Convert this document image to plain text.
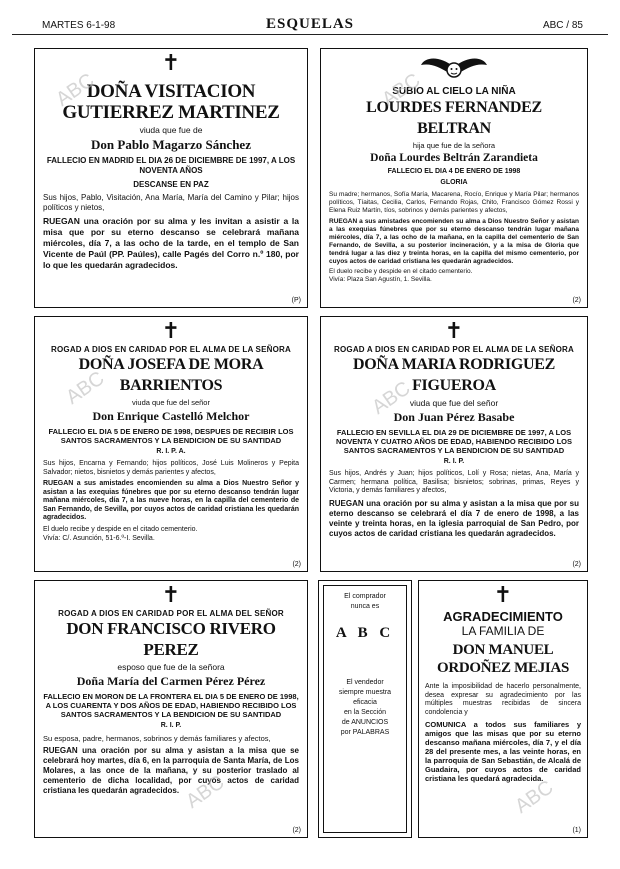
MARTES 6-1-98	ESQUELAS	ABC / 85
✝
DOÑA VISITACION GUTIERREZ MARTINEZ
viuda que fue de
Don Pablo Magarzo Sánchez
FALLECIO EN MADRID EL DIA 26 DE DICIEMBRE DE 1997, A LOS NOVENTA AÑOS
DESCANSE EN PAZ
Sus hijos, Pablo, Visitación, Ana María, María del Camino y Pilar; hijos políticos y nietos,
RUEGAN una oración por su alma y les invitan a asistir a la misa que por su eterno descanso se celebrará mañana miércoles, día 7, a las ocho de la tarde, en el templo de San Vicente de Paúl (PP. Paúles), calle Pagés del Corro n.º 180, por lo que les quedarán agradecidos.
(P)
ABC	SUBIO AL CIELO LA NIÑA
LOURDES FERNANDEZ BELTRAN
hija que fue de la señora
Doña Lourdes Beltrán Zarandieta
FALLECIO EL DIA 4 DE ENERO DE 1998
GLORIA
Su madre; hermanos, Sofía María, Macarena, Rocío, Enrique y María Pilar; hermanos políticos, Tíaitas, Cecilia, Carlos, Fernando Rojas, Chito, Francisco Gómez Rossi y Elena Ruiz Martín, tíos, sobrinos y demás parientes y afectos,
RUEGAN a sus amistades encomienden su alma a Dios Nuestro Señor y asistan a las exequias fúnebres que por su eterno descanso tendrán lugar mañana miércoles, día 7, a las ocho de la mañana, en la capilla del cementerio de San Fernando, de Sevilla, a su posterior incineración, y a la misa de Gloria que tendrá lugar a las diez y treinta horas, en la capilla del mismo cementerio, por cuyos actos de caridad cristiana les quedarán agradecidos.
El duelo recibe y despide en el citado cementerio.
Vivía: Plaza San Agustín, 1. Sevilla.
(2)
ABC
✝
ROGAD A DIOS EN CARIDAD POR EL ALMA DE LA SEÑORA
DOÑA JOSEFA DE MORA BARRIENTOS
viuda que fue del señor
Don Enrique Castelló Melchor
FALLECIO EL DIA 5 DE ENERO DE 1998, DESPUES DE RECIBIR LOS SANTOS SACRAMENTOS Y LA BENDICION DE SU SANTIDAD
R. I. P. A.
Sus hijos, Encarna y Fernando; hijos políticos, José Luis Molineros y Pepita Salvador; nietos, bisnietos y demás parientes y afectos,
RUEGAN a sus amistades encomienden su alma a Dios Nuestro Señor y asistan a las exequias fúnebres que por su eterno descanso tendrán lugar mañana miércoles, día 7, a las nueve horas, en la capilla del cementerio de San Fernando, de Sevilla, por cuyos actos de caridad cristiana les quedarán agradecidos.
El duelo recibe y despide en el citado cementerio.
Vivía: C/. Asunción, 51-6.º-I. Sevilla.
(2)
ABC
✝
ROGAD A DIOS EN CARIDAD POR EL ALMA DE LA SEÑORA
DOÑA MARIA RODRIGUEZ FIGUEROA
viuda que fue del señor
Don Juan Pérez Basabe
FALLECIO EN SEVILLA EL DIA 29 DE DICIEMBRE DE 1997, A LOS NOVENTA Y CUATRO AÑOS DE EDAD, HABIENDO RECIBIDO LOS SANTOS SACRAMENTOS Y LA BENDICION DE SU SANTIDAD
R. I. P.
Sus hijos, Andrés y Juan; hijos políticos, Lolí y Rosa; nietas, Ana, María y Carmen; hermana política, Basilisa; bisnietos; sobrinas, primas, Reyes y Victoria, y demás familiares y afectos,
RUEGAN una oración por su alma y asistan a la misa que por su eterno descanso se celebrará el día 7 de enero de 1998, a las veinte y treinta horas, en la iglesia parroquial de San Pedro, por cuyos actos de caridad cristiana les quedarán agradecidos.
(2)
ABC
✝
ROGAD A DIOS EN CARIDAD POR EL ALMA DEL SEÑOR
DON FRANCISCO RIVERO PEREZ
esposo que fue de la señora
Doña María del Carmen Pérez Pérez
FALLECIO EN MORON DE LA FRONTERA EL DIA 5 DE ENERO DE 1998, A LOS CUARENTA Y DOS AÑOS DE EDAD, HABIENDO RECIBIDO LOS SANTOS SACRAMENTOS Y LA BENDICION DE SU SANTIDAD
R. I. P.
Su esposa, padre, hermanos, sobrinos y demás familiares y afectos,
RUEGAN una oración por su alma y asistan a la misa que se celebrará hoy martes, día 6, en la parroquia de Santa María, de Los Molares, a las once de la mañana, y su posterior traslado al cementerio de dicha localidad, por cuyos actos de caridad cristiana les quedarán agradecidos.
(2)
ABC
El comprador
nunca es
A B C
El vendedor
siempre muestra
eficacia
en la Sección
de ANUNCIOS
por PALABRAS
✝
AGRADECIMIENTO
LA FAMILIA DE
DON MANUEL ORDOÑEZ MEJIAS
Ante la imposibilidad de hacerlo personalmente, desea expresar su agradecimiento por las múltiples muestras recibidas de sincera condolencia y
COMUNICA a todos sus familiares y amigos que las misas que por su eterno descanso mañana miércoles, día 7, y el día 28 del presente mes, a las veinte horas, en la parroquia de San Sebastián, de Alcalá de Guadaira, por cuyos actos de caridad cristiana les quedará agradecida.
(1)
ABC
